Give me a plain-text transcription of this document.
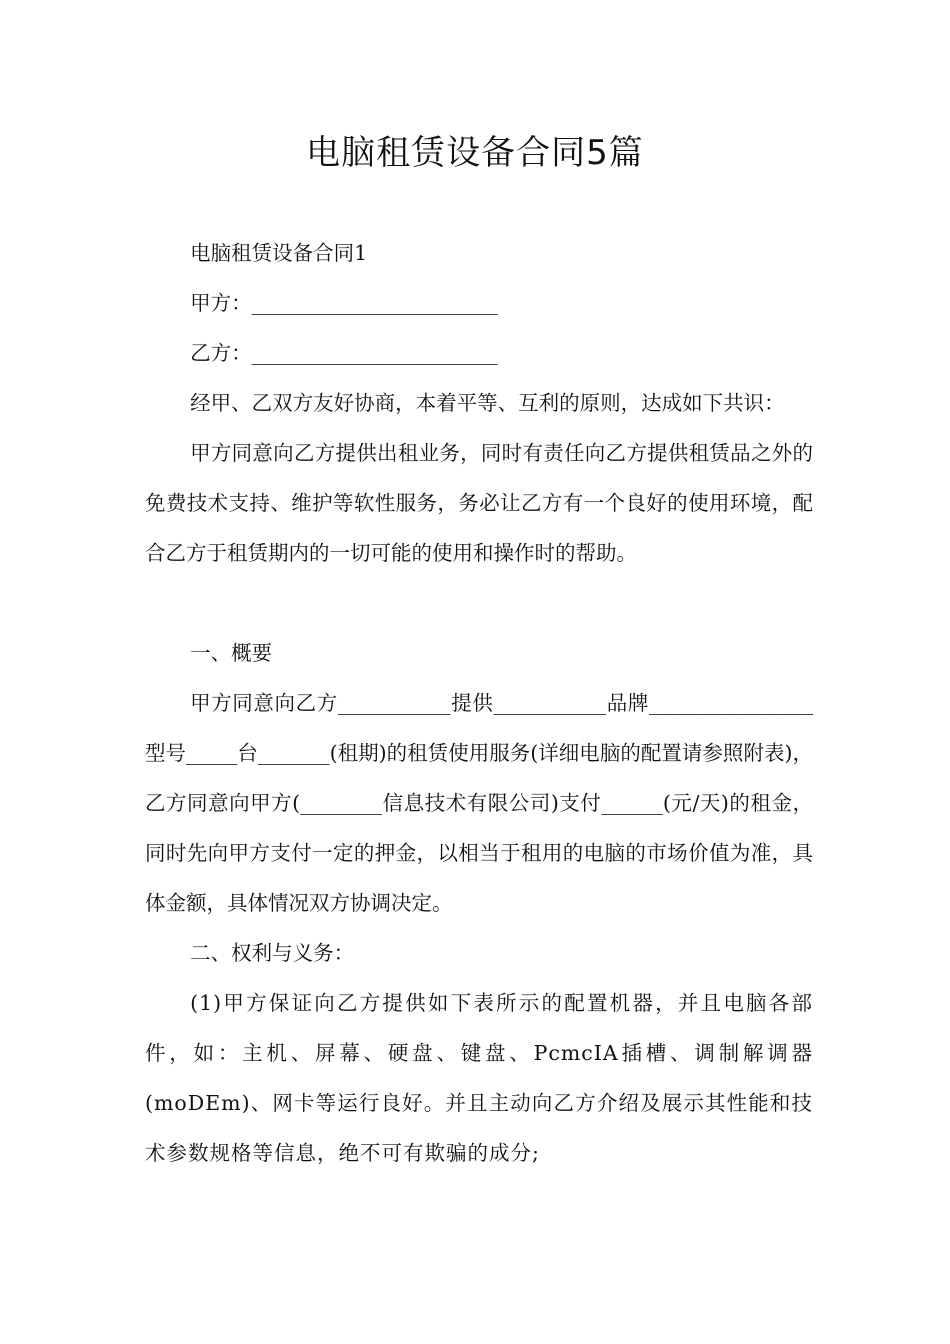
电脑租赁设备合同5篇

电脑租赁设备合同1

甲方：________________________

乙方：________________________

经甲、乙双方友好协商，本着平等、互利的原则，达成如下共识：

甲方同意向乙方提供出租业务，同时有责任向乙方提供租赁品之外的免费技术支持、维护等软性服务，务必让乙方有一个良好的使用环境，配合乙方于租赁期内的一切可能的使用和操作时的帮助。

一、概要

甲方同意向乙方___________提供___________品牌________________型号_____台_______(租期)的租赁使用服务(详细电脑的配置请参照附表)，乙方同意向甲方(________信息技术有限公司)支付______(元/天)的租金，同时先向甲方支付一定的押金，以相当于租用的电脑的市场价值为准，具体金额，具体情况双方协调决定。

二、权利与义务：

(1)甲方保证向乙方提供如下表所示的配置机器，并且电脑各部件，如：主机、屏幕、硬盘、键盘、PcmcIA插槽、调制解调器(moDEm)、网卡等运行良好。并且主动向乙方介绍及展示其性能和技术参数规格等信息，绝不可有欺骗的成分;
